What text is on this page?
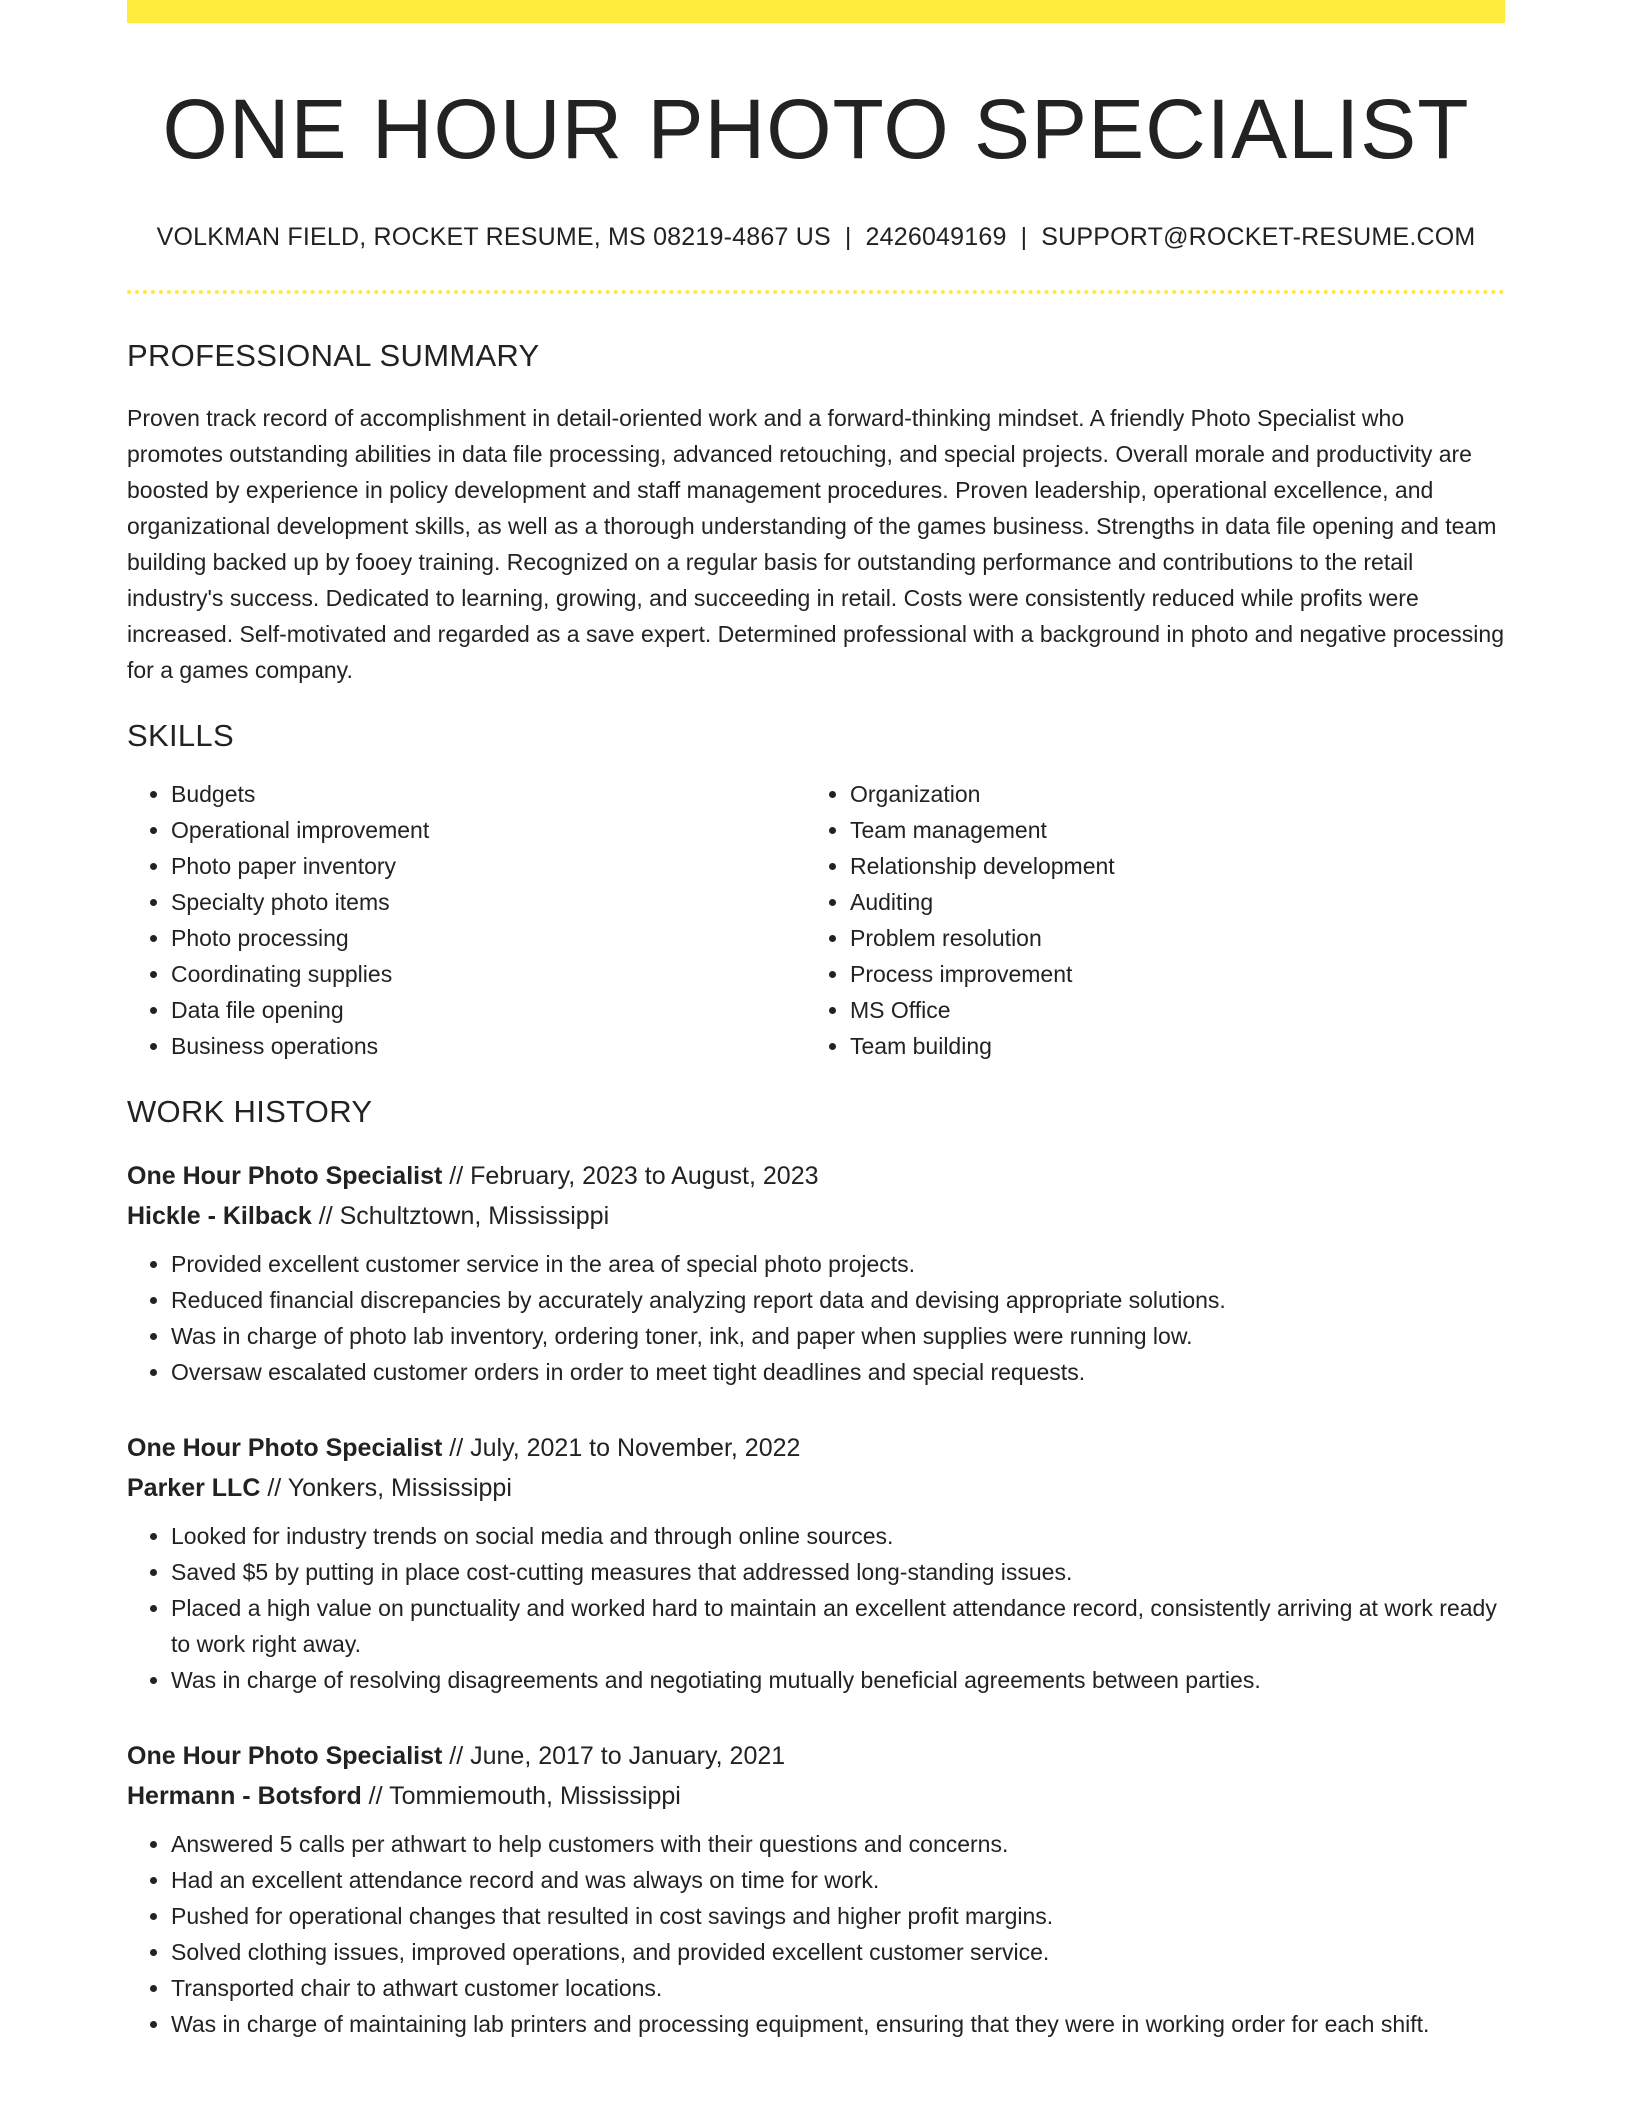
ONE HOUR PHOTO SPECIALIST
VOLKMAN FIELD, ROCKET RESUME, MS 08219-4867 US | 2426049169 | SUPPORT@ROCKET-RESUME.COM
PROFESSIONAL SUMMARY
Proven track record of accomplishment in detail-oriented work and a forward-thinking mindset. A friendly Photo Specialist who promotes outstanding abilities in data file processing, advanced retouching, and special projects. Overall morale and productivity are boosted by experience in policy development and staff management procedures. Proven leadership, operational excellence, and organizational development skills, as well as a thorough understanding of the games business. Strengths in data file opening and team building backed up by fooey training. Recognized on a regular basis for outstanding performance and contributions to the retail industry's success. Dedicated to learning, growing, and succeeding in retail. Costs were consistently reduced while profits were increased. Self-motivated and regarded as a save expert. Determined professional with a background in photo and negative processing for a games company.
SKILLS
• Budgets
• Operational improvement
• Photo paper inventory
• Specialty photo items
• Photo processing
• Coordinating supplies
• Data file opening
• Business operations
• Organization
• Team management
• Relationship development
• Auditing
• Problem resolution
• Process improvement
• MS Office
• Team building
WORK HISTORY
One Hour Photo Specialist // February, 2023 to August, 2023
Hickle - Kilback // Schultztown, Mississippi
• Provided excellent customer service in the area of special photo projects.
• Reduced financial discrepancies by accurately analyzing report data and devising appropriate solutions.
• Was in charge of photo lab inventory, ordering toner, ink, and paper when supplies were running low.
• Oversaw escalated customer orders in order to meet tight deadlines and special requests.
One Hour Photo Specialist // July, 2021 to November, 2022
Parker LLC // Yonkers, Mississippi
• Looked for industry trends on social media and through online sources.
• Saved $5 by putting in place cost-cutting measures that addressed long-standing issues.
• Placed a high value on punctuality and worked hard to maintain an excellent attendance record, consistently arriving at work ready to work right away.
• Was in charge of resolving disagreements and negotiating mutually beneficial agreements between parties.
One Hour Photo Specialist // June, 2017 to January, 2021
Hermann - Botsford // Tommiemouth, Mississippi
• Answered 5 calls per athwart to help customers with their questions and concerns.
• Had an excellent attendance record and was always on time for work.
• Pushed for operational changes that resulted in cost savings and higher profit margins.
• Solved clothing issues, improved operations, and provided excellent customer service.
• Transported chair to athwart customer locations.
• Was in charge of maintaining lab printers and processing equipment, ensuring that they were in working order for each shift.
